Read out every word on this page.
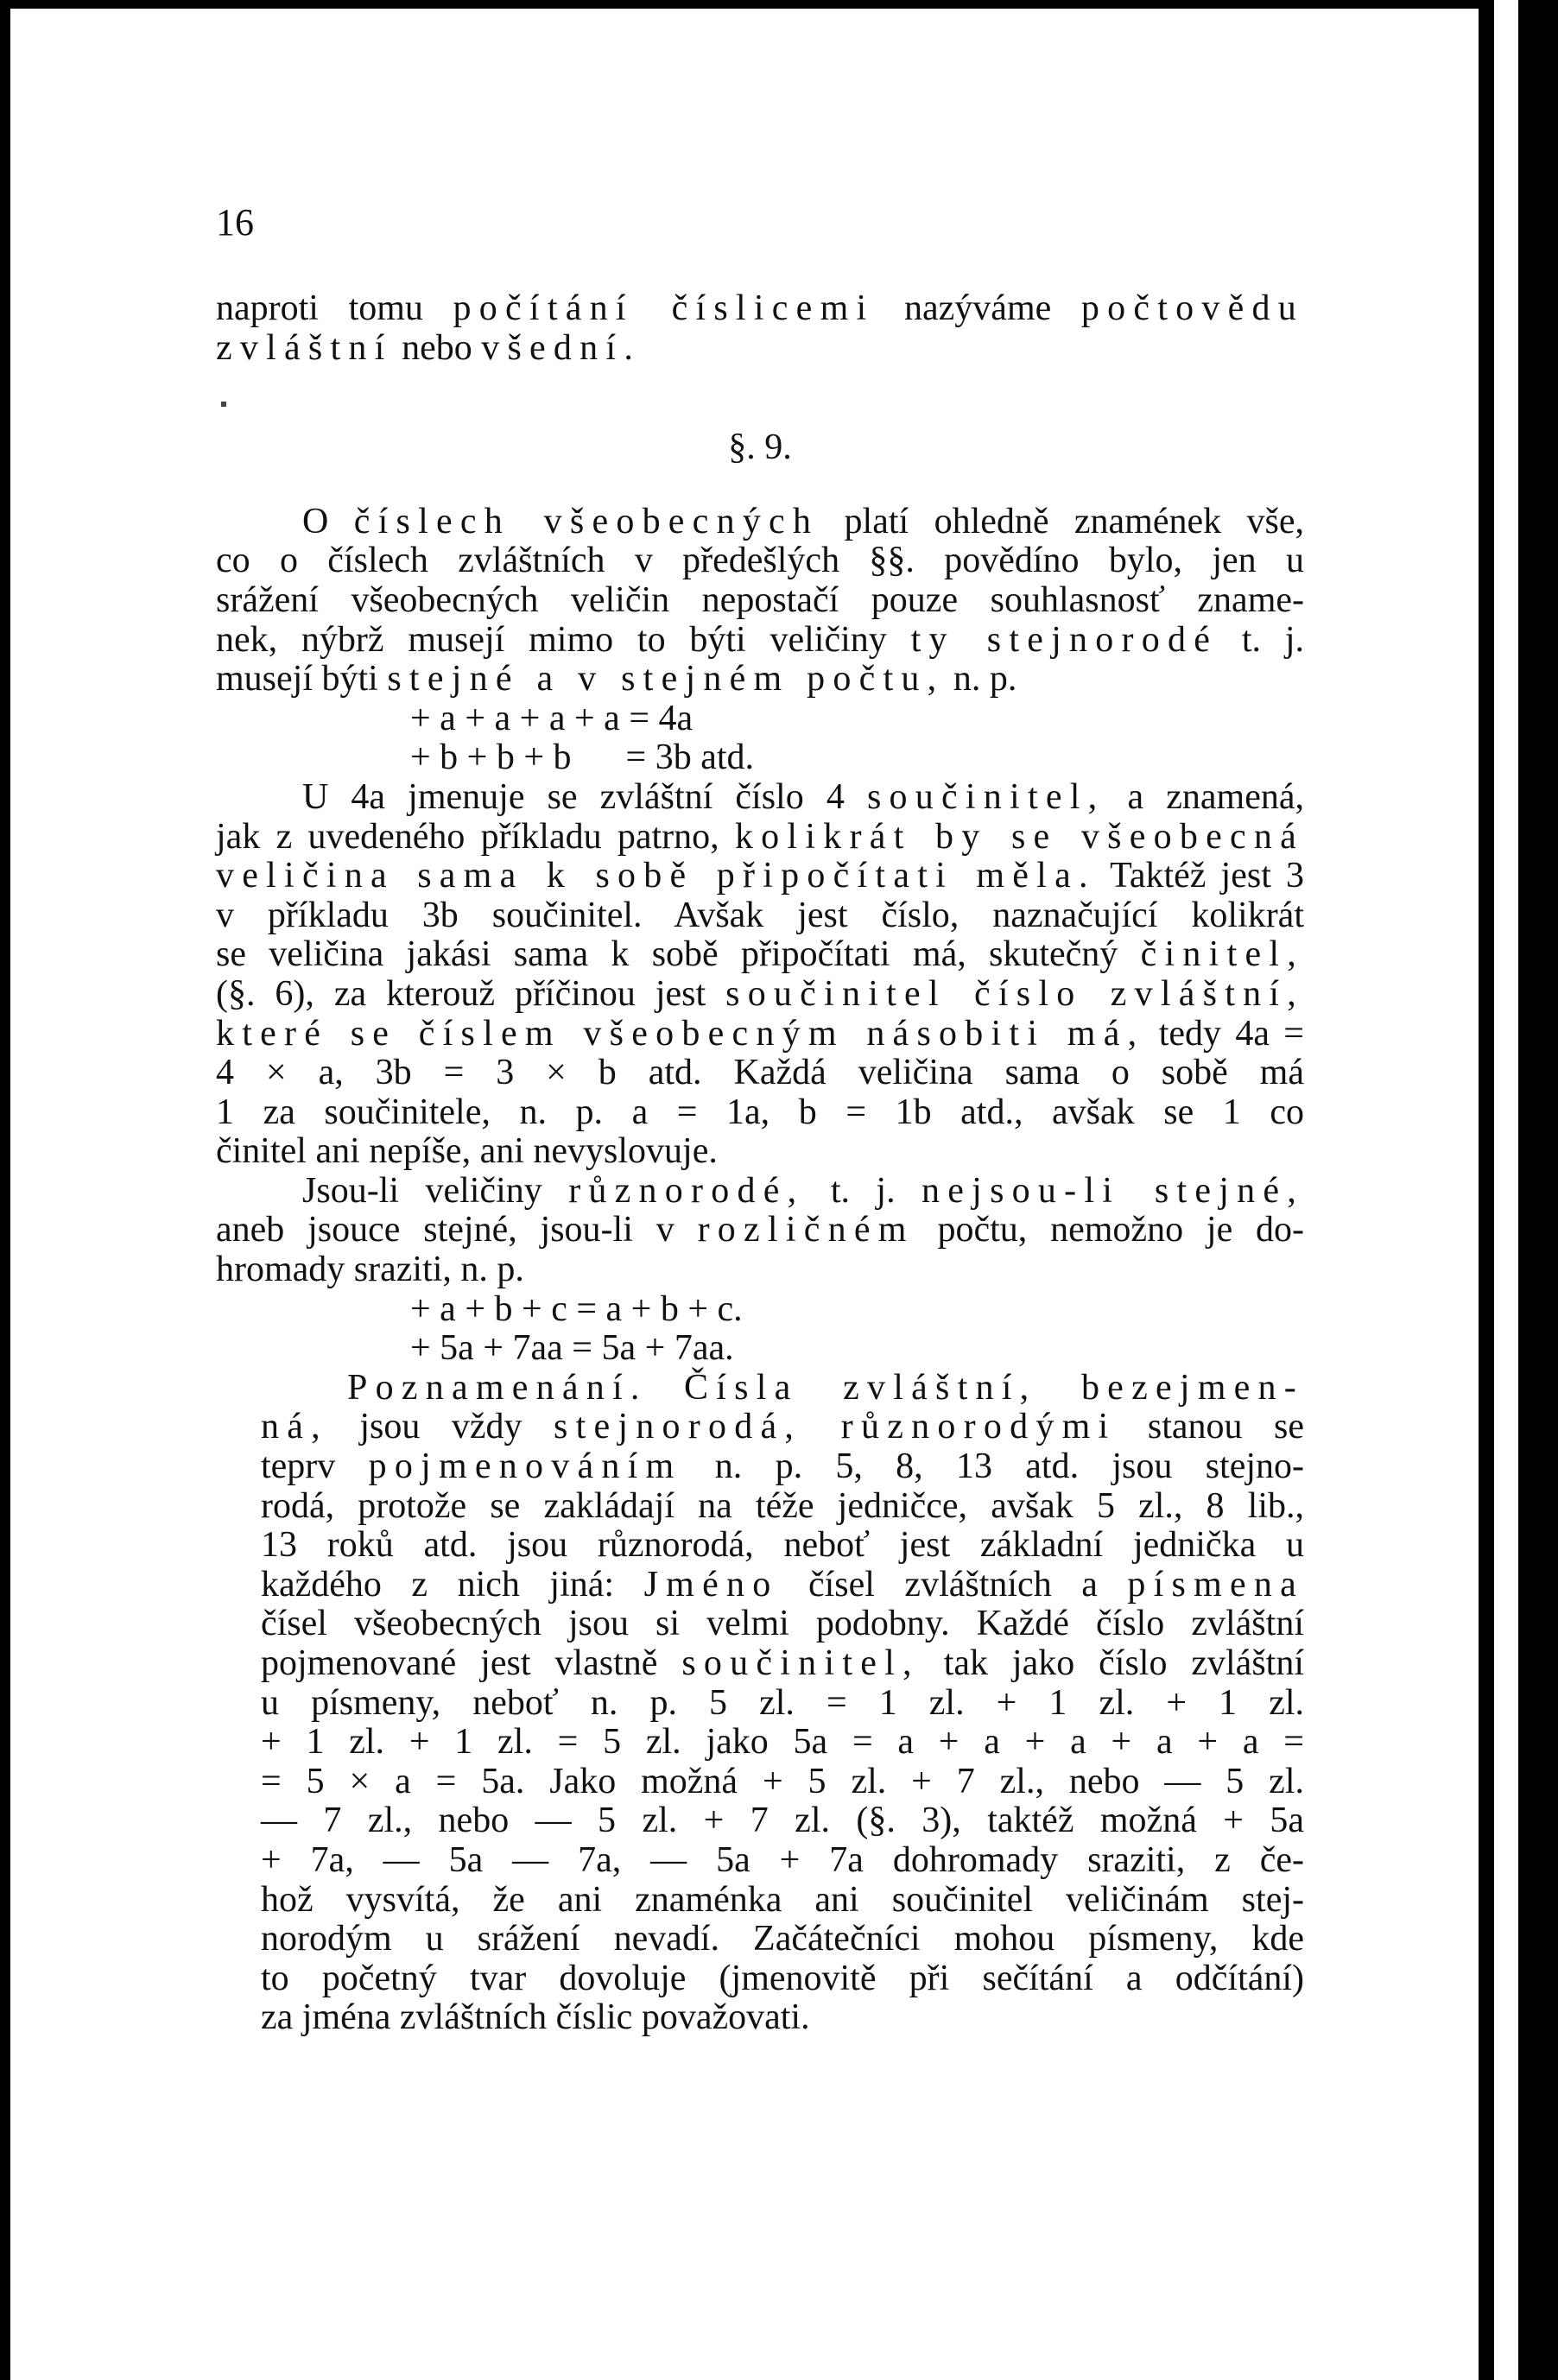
16
naproti tomu počítání číslicemi nazýváme počtovědu
zvláštní nebo všední.
§. 9.
O číslech všeobecných platí ohledně znamének vše,
co o číslech zvláštních v předešlých §§. povědíno bylo, jen u
srážení všeobecných veličin nepostačí pouze souhlasnosť zname-
nek, nýbrž musejí mimo to býti veličiny ty stejnorodé t. j.
musejí býti stejné a v stejném počtu, n. p.
+ a + a + a + a = 4a
+ b + b + b      = 3b atd.
U 4a jmenuje se zvláštní číslo 4 součinitel, a znamená,
jak z uvedeného příkladu patrno, kolikrát by se všeobecná
veličina sama k sobě připočítati měla. Taktéž jest 3
v příkladu 3b součinitel. Avšak jest číslo, naznačující kolikrát
se veličina jakási sama k sobě připočítati má, skutečný činitel,
(§. 6), za kterouž příčinou jest součinitel číslo zvláštní,
které se číslem všeobecným násobiti má, tedy 4a =
4 × a, 3b = 3 × b atd. Každá veličina sama o sobě má
1 za součinitele, n. p. a = 1a, b = 1b atd., avšak se 1 co
činitel ani nepíše, ani nevyslovuje.
Jsou-li veličiny různorodé, t. j. nejsou-li stejné,
aneb jsouce stejné, jsou-li v rozličném počtu, nemožno je do-
hromady sraziti, n. p.
+ a + b + c = a + b + c.
+ 5a + 7aa = 5a + 7aa.
Poznamenání. Čísla zvláštní, bezejmen-
ná, jsou vždy stejnorodá, různorodými stanou se
teprv pojmenováním n. p. 5, 8, 13 atd. jsou stejno-
rodá, protože se zakládají na téže jedničce, avšak 5 zl., 8 lib.,
13 roků atd. jsou různorodá, neboť jest základní jednička u
každého z nich jiná: Jméno čísel zvláštních a písmena
čísel všeobecných jsou si velmi podobny. Každé číslo zvláštní
pojmenované jest vlastně součinitel, tak jako číslo zvláštní
u písmeny, neboť n. p. 5 zl. = 1 zl. + 1 zl. + 1 zl.
+ 1 zl. + 1 zl. = 5 zl. jako 5a = a + a + a + a + a =
= 5 × a = 5a. Jako možná + 5 zl. + 7 zl., nebo — 5 zl.
— 7 zl., nebo — 5 zl. + 7 zl. (§. 3), taktéž možná + 5a
+ 7a, — 5a — 7a, — 5a + 7a dohromady sraziti, z če-
hož vysvítá, že ani znaménka ani součinitel veličinám stej-
norodým u srážení nevadí. Začátečníci mohou písmeny, kde
to početný tvar dovoluje (jmenovitě při sečítání a odčítání)
za jména zvláštních číslic považovati.
